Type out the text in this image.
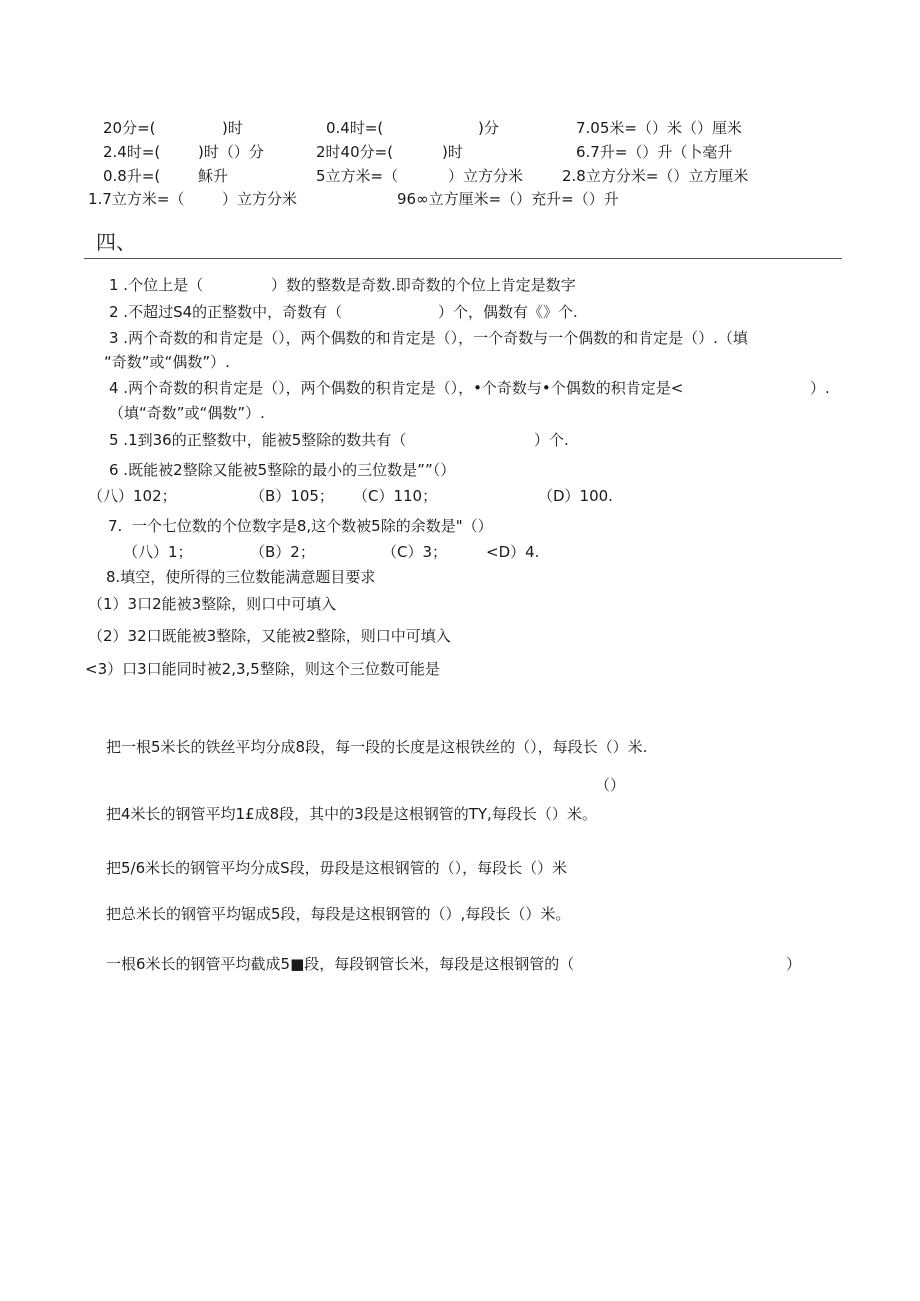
20分=(	)时	0.4时=(	)分	7.05米=（）米（）厘米
2.4时=(	)时（）分	2时40分=(	)时	6.7升=（）升（卜毫升
0.8升=(	稣升	5立方米=（	）立方分米	2.8立方分米=（）立方厘米
1.7立方米=（	）立方分米	96∞立方厘米=（）充升=（）升
四、
1 .个位上是（	）数的整数是奇数.即奇数的个位上肯定是数字
2 .不超过S4的正整数中，奇数有（	）个，偶数有《》个.
3 .两个奇数的和肯定是（），两个偶数的和肯定是（），一个奇数与一个偶数的和肯定是（）.（填
“奇数”或“偶数”）.
4 .两个奇数的积肯定是（），两个偶数的积肯定是（），•个奇数与•个偶数的积肯定是<	）.
（填“奇数”或“偶数”）.
5 .1到36的正整数中，能被5整除的数共有（	）个.
6 .既能被2整除又能被5整除的最小的三位数是””（）
（八）102；	（B）105； （C）110；	（D）100.
7.  一个七位数的个位数字是8,这个数被5除的余数是"（）
（八）1；	（B）2；	（C）3；	<D）4.
8.填空，使所得的三位数能满意题目要求
（1）3口2能被3整除，则口中可填入
（2）32口既能被3整除，又能被2整除，则口中可填入
<3）口3口能同时被2,3,5整除，则这个三位数可能是
把一根5米长的铁丝平均分成8段，每一段的长度是这根铁丝的（），每段长（）米.
（）
把4米长的钢管平均1£成8段，其中的3段是这根钢管的TY,每段长（）米。
把5/6米长的钢管平均分成S段，毋段是这根钢管的（），每段长（）米
把总米长的钢管平均锯成5段，每段是这根钢管的（）,每段长（）米。
一根6米长的钢管平均截成5■段，每段钢管长米，每段是这根钢管的（	）
